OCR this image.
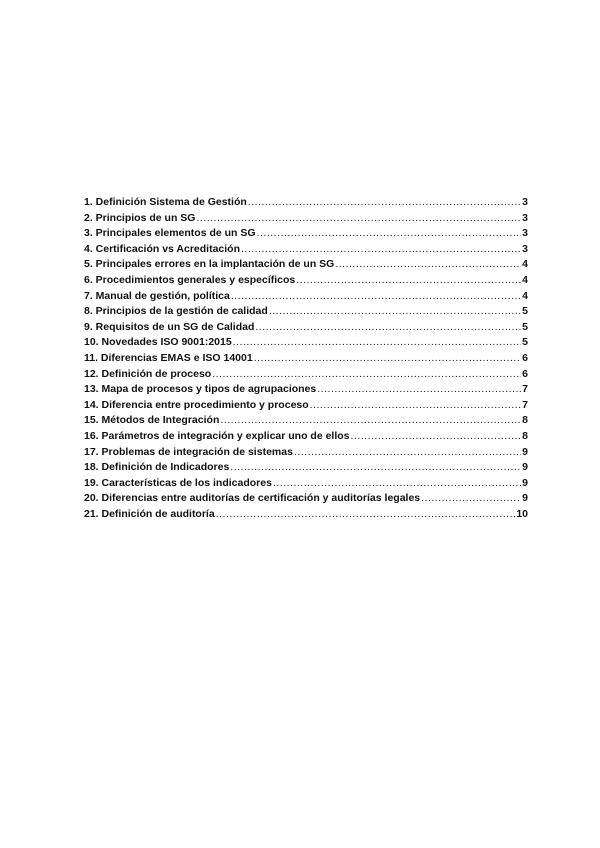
1. Definición Sistema de Gestión .....	3
2. Principios de un SG .....	3
3. Principales elementos de un SG .....	3
4. Certificación vs Acreditación .....	3
5. Principales errores en la implantación de un SG .....	4
6. Procedimientos generales y específicos .....	4
7. Manual de gestión, política .....	4
8. Principios de la gestión de calidad .....	5
9. Requisitos de un SG de Calidad .....	5
10. Novedades ISO 9001:2015 .....	5
11. Diferencias EMAS e ISO 14001 .....	6
12. Definición de proceso .....	6
13. Mapa de procesos y tipos de agrupaciones .....	7
14. Diferencia entre procedimiento y proceso .....	7
15. Métodos de Integración .....	8
16. Parámetros de integración y explicar uno de ellos .....	8
17. Problemas de integración de sistemas .....	9
18. Definición de Indicadores .....	9
19. Características de los indicadores .....	9
20. Diferencias entre auditorías de certificación y auditorías legales .....	9
21. Definición de auditoría .....	10
